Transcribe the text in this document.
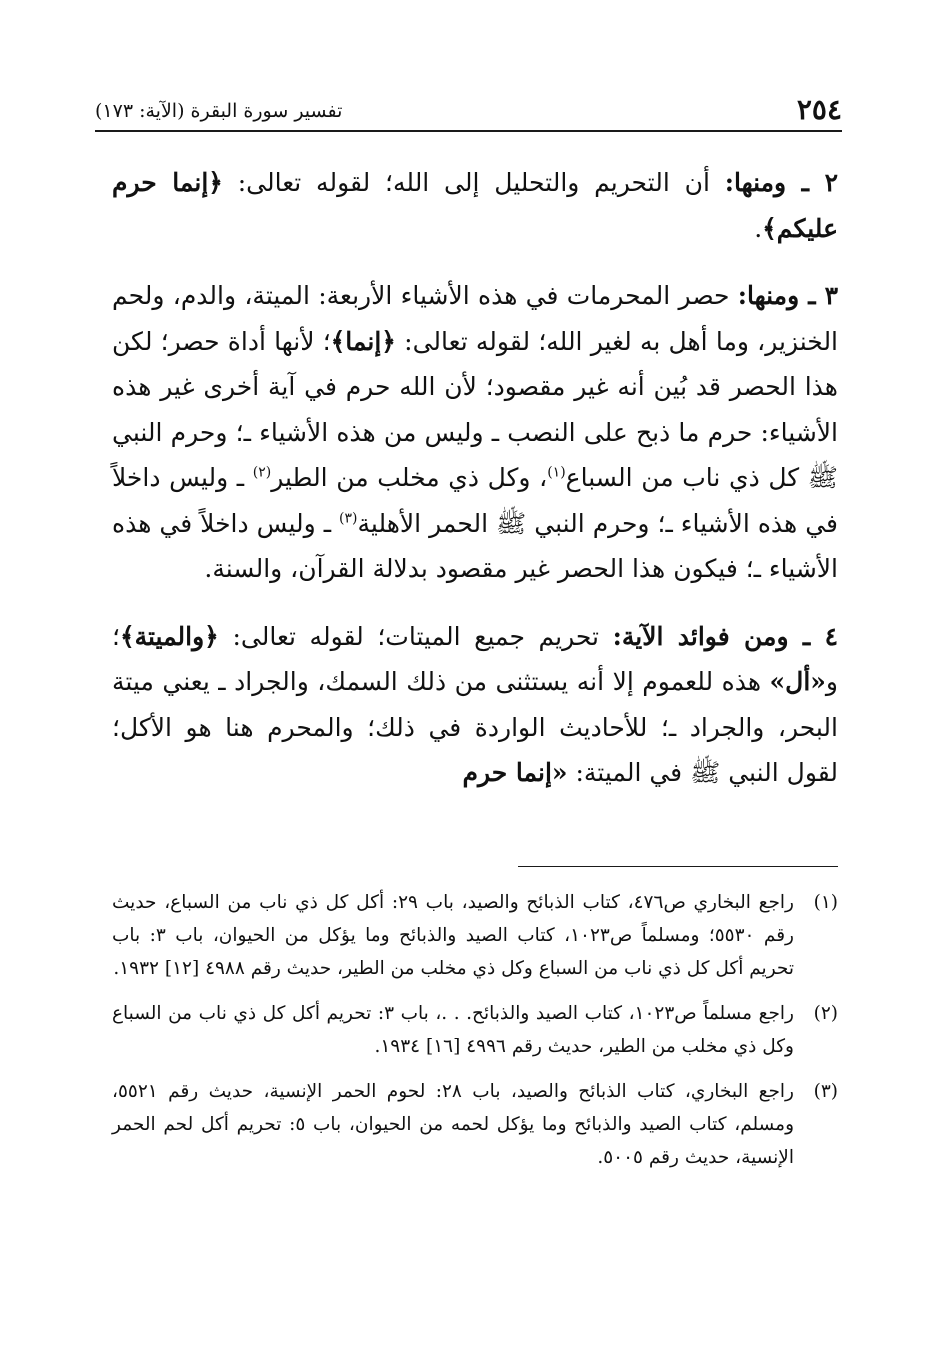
٢٥٤
تفسير سورة البقرة (الآية: ١٧٣)

٢ ـ ومنها: أن التحريم والتحليل إلى الله؛ لقوله تعالى: ﴿إنما حرم عليكم﴾.

٣ ـ ومنها: حصر المحرمات في هذه الأشياء الأربعة: الميتة، والدم، ولحم الخنزير، وما أهل به لغير الله؛ لقوله تعالى: ﴿إنما﴾؛ لأنها أداة حصر؛ لكن هذا الحصر قد بُين أنه غير مقصود؛ لأن الله حرم في آية أخرى غير هذه الأشياء: حرم ما ذبح على النصب ـ وليس من هذه الأشياء ـ؛ وحرم النبي ﷺ كل ذي ناب من السباع$^{(١)}$، وكل ذي مخلب من الطير$^{(٢)}$ ـ وليس داخلاً في هذه الأشياء ـ؛ وحرم النبي ﷺ الحمر الأهلية$^{(٣)}$ ـ وليس داخلاً في هذه الأشياء ـ؛ فيكون هذا الحصر غير مقصود بدلالة القرآن، والسنة.

٤ ـ ومن فوائد الآية: تحريم جميع الميتات؛ لقوله تعالى: ﴿والميتة﴾؛ و«أل» هذه للعموم إلا أنه يستثنى من ذلك السمك، والجراد ـ يعني ميتة البحر، والجراد ـ؛ للأحاديث الواردة في ذلك؛ والمحرم هنا هو الأكل؛ لقول النبي ﷺ في الميتة: «إنما حرم

(١)
راجع البخاري ص٤٧٦، كتاب الذبائح والصيد، باب ٢٩: أكل كل ذي ناب من السباع، حديث رقم ٥٥٣٠؛ ومسلماً ص١٠٢٣، كتاب الصيد والذبائح وما يؤكل من الحيوان، باب ٣: باب تحريم أكل كل ذي ناب من السباع وكل ذي مخلب من الطير، حديث رقم ٤٩٨٨ [١٢] ١٩٣٢.
(٢)
راجع مسلماً ص١٠٢٣، كتاب الصيد والذبائح. . .، باب ٣: تحريم أكل كل ذي ناب من السباع وكل ذي مخلب من الطير، حديث رقم ٤٩٩٦ [١٦] ١٩٣٤.
(٣)
راجع البخاري، كتاب الذبائح والصيد، باب ٢٨: لحوم الحمر الإنسية، حديث رقم ٥٥٢١، ومسلم، كتاب الصيد والذبائح وما يؤكل لحمه من الحيوان، باب ٥: تحريم أكل لحم الحمر الإنسية، حديث رقم ٥٠٠٥.
